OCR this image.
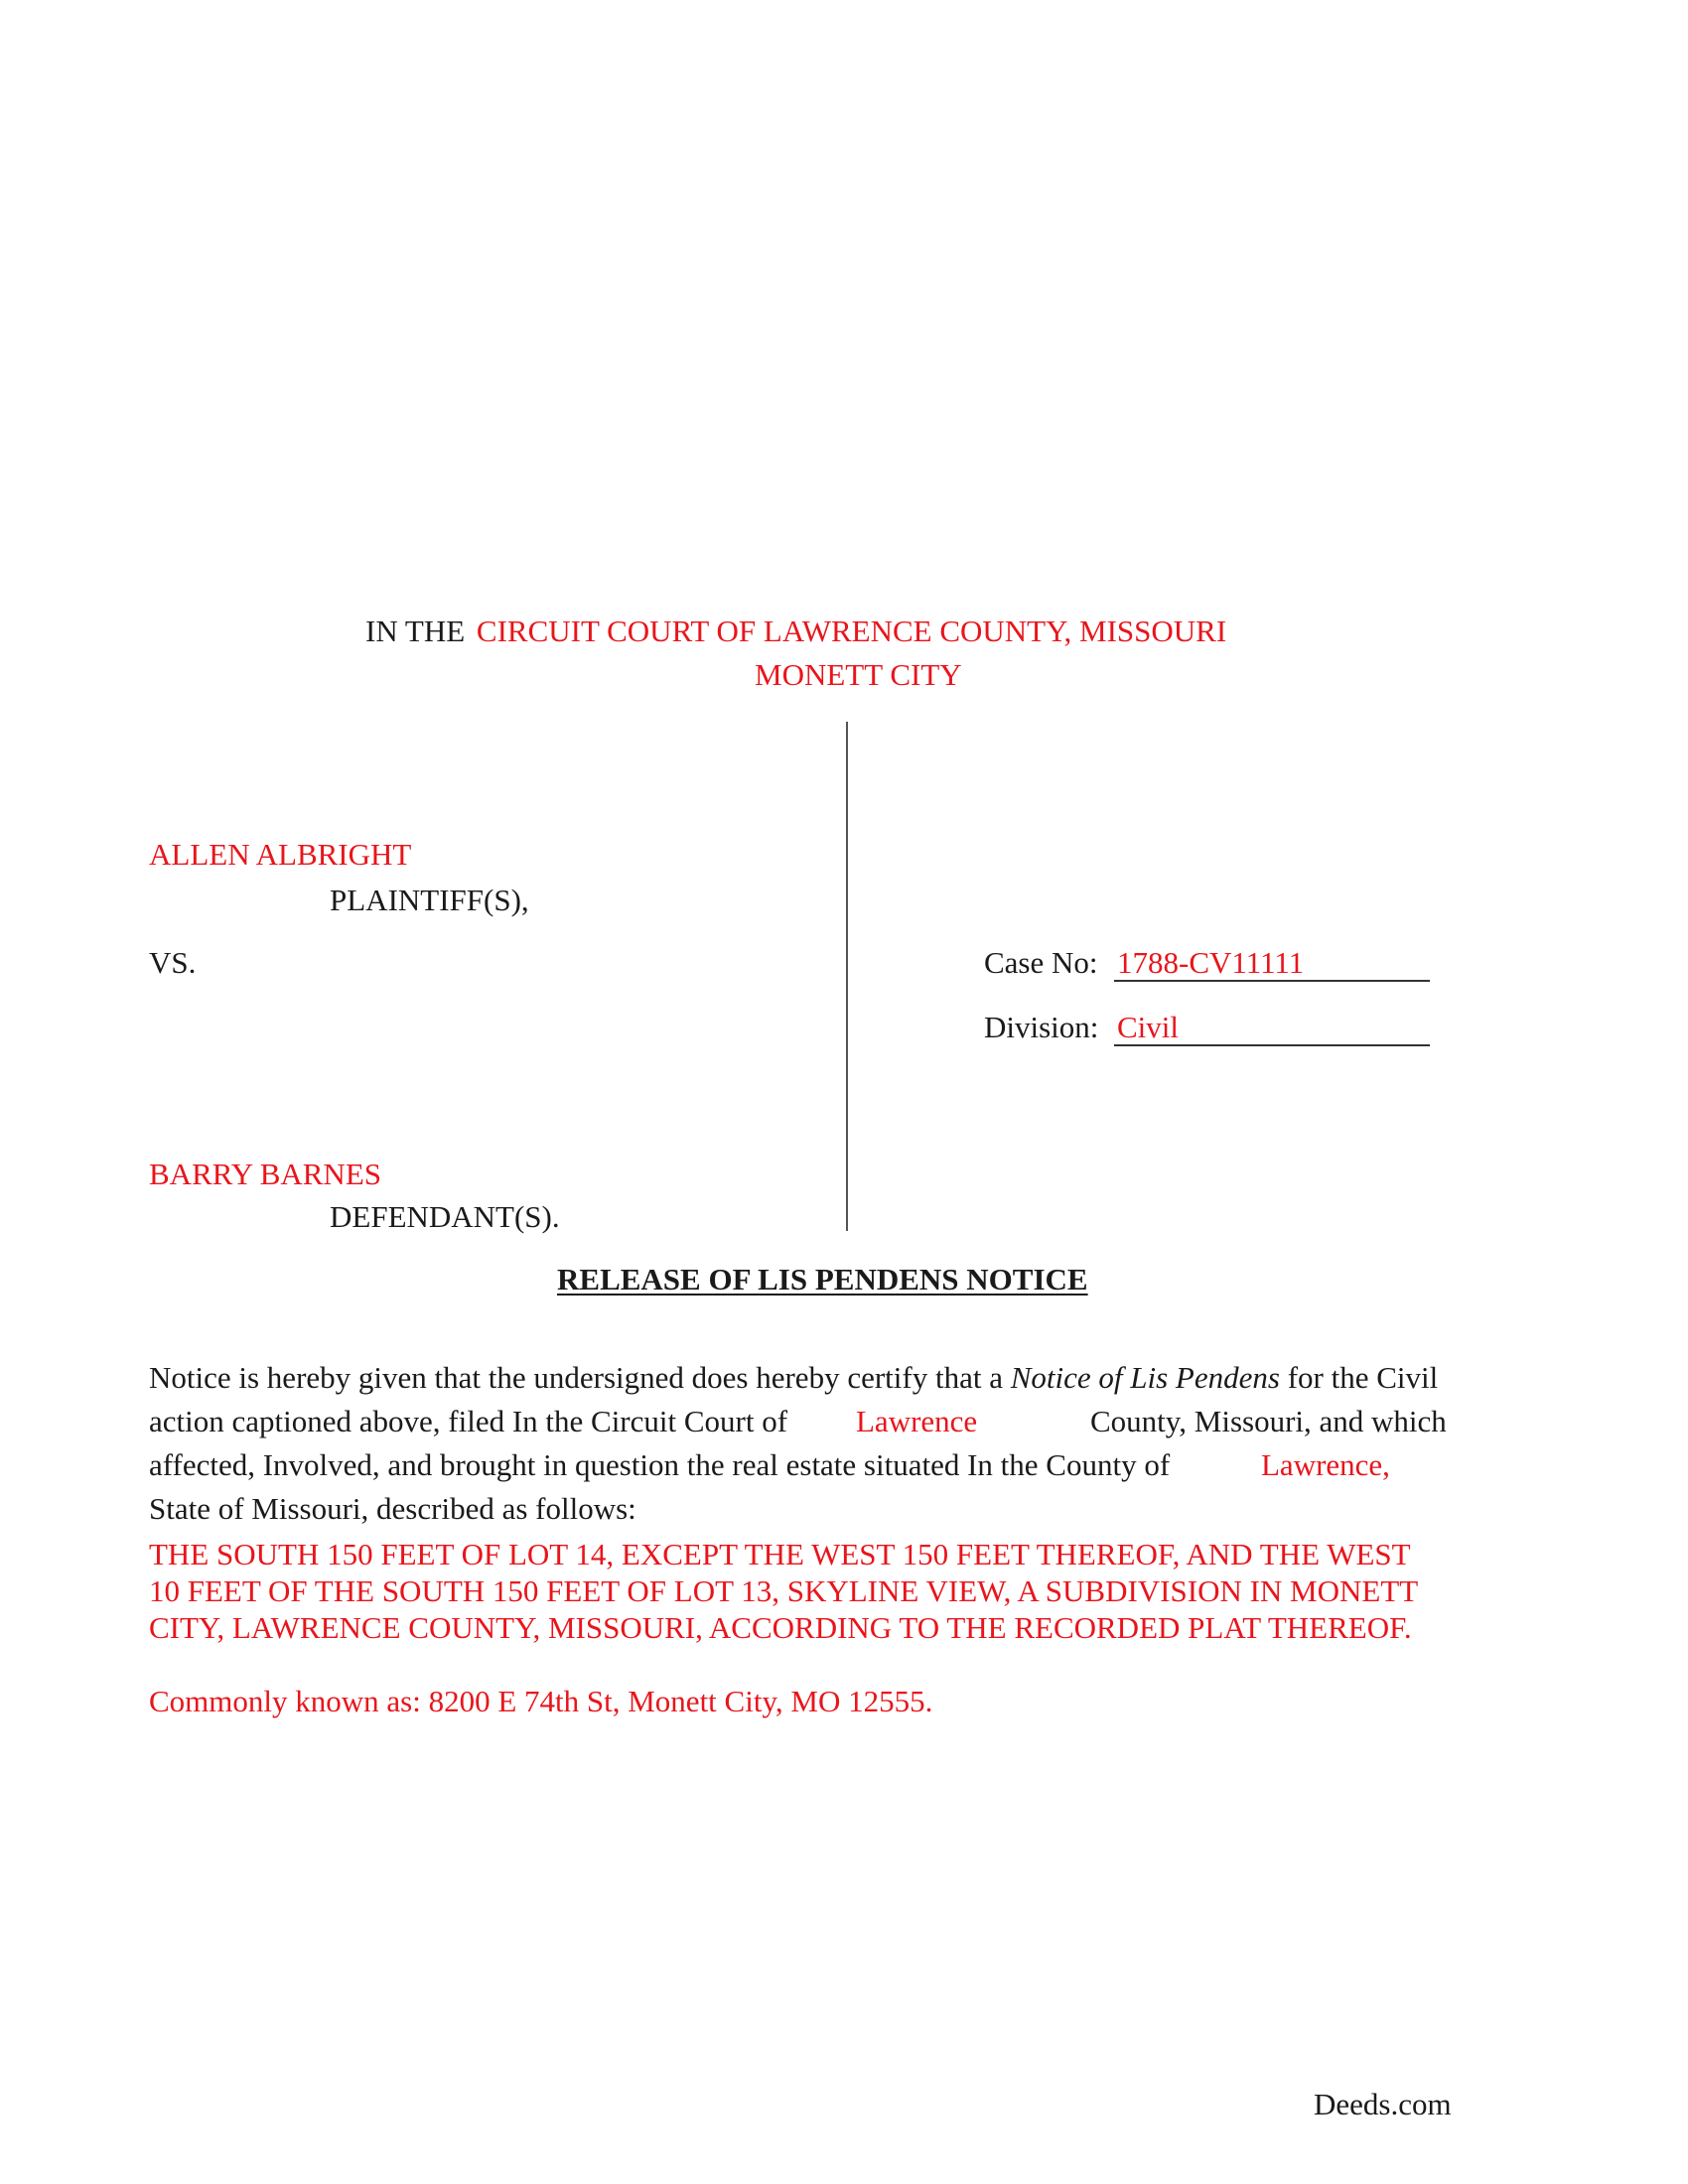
IN THE CIRCUIT COURT OF LAWRENCE COUNTY, MISSOURI
MONETT CITY
ALLEN ALBRIGHT
PLAINTIFF(S),
VS.
BARRY BARNES
DEFENDANT(S).
Case No: 1788-CV11111
Division: Civil
RELEASE OF LIS PENDENS NOTICE
Notice is hereby given that the undersigned does hereby certify that a Notice of Lis Pendens for the Civil
action captioned above, filed In the Circuit Court of Lawrence	County, Missouri, and which
affected, Involved, and brought in question the real estate situated In the County of	Lawrence,
State of Missouri, described as follows:
THE SOUTH 150 FEET OF LOT 14, EXCEPT THE WEST 150 FEET THEREOF, AND THE WEST
10 FEET OF THE SOUTH 150 FEET OF LOT 13, SKYLINE VIEW, A SUBDIVISION IN MONETT
CITY, LAWRENCE COUNTY, MISSOURI, ACCORDING TO THE RECORDED PLAT THEREOF.
Commonly known as: 8200 E 74th St, Monett City, MO 12555.
Deeds.com
